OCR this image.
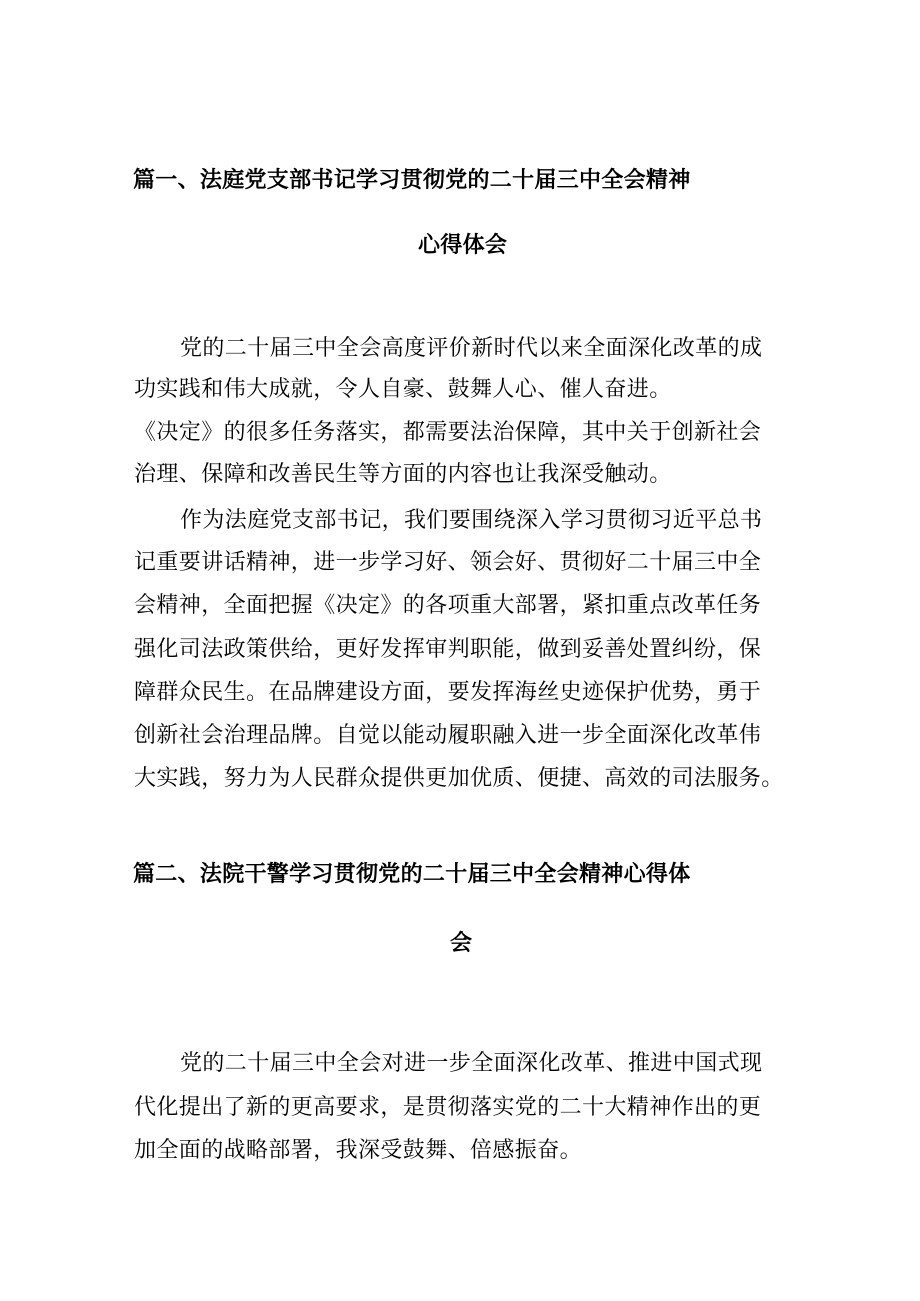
篇一、法庭党支部书记学习贯彻党的二十届三中全会精神
心得体会
党的二十届三中全会高度评价新时代以来全面深化改革的成
功实践和伟大成就，令人自豪、鼓舞人心、催人奋进。
《决定》的很多任务落实，都需要法治保障，其中关于创新社会
治理、保障和改善民生等方面的内容也让我深受触动。
作为法庭党支部书记，我们要围绕深入学习贯彻习近平总书
记重要讲话精神，进一步学习好、领会好、贯彻好二十届三中全
会精神，全面把握《决定》的各项重大部署，紧扣重点改革任务
强化司法政策供给，更好发挥审判职能，做到妥善处置纠纷，保
障群众民生。在品牌建设方面，要发挥海丝史迹保护优势，勇于
创新社会治理品牌。自觉以能动履职融入进一步全面深化改革伟
大实践，努力为人民群众提供更加优质、便捷、高效的司法服务。
篇二、法院干警学习贯彻党的二十届三中全会精神心得体
会
党的二十届三中全会对进一步全面深化改革、推进中国式现
代化提出了新的更高要求，是贯彻落实党的二十大精神作出的更
加全面的战略部署，我深受鼓舞、倍感振奋。
